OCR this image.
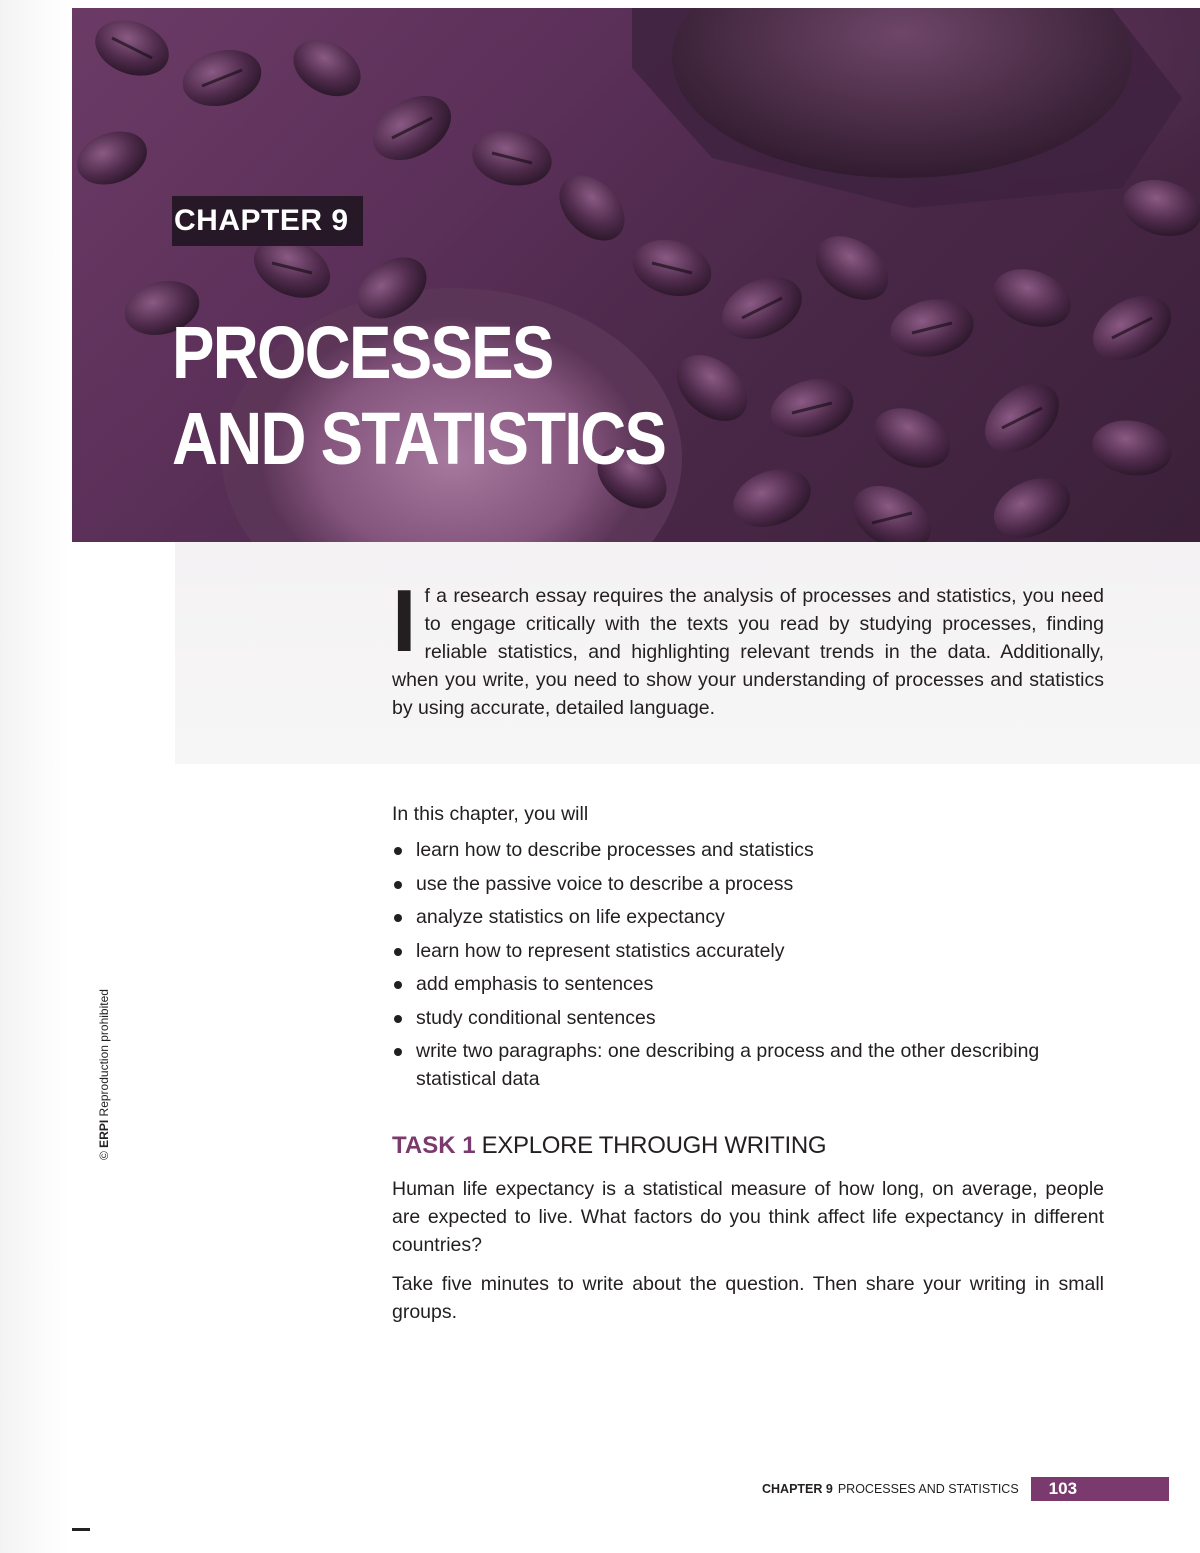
CHAPTER 9
PROCESSES
AND STATISTICS
I f a research essay requires the analysis of processes and statistics, you need to engage critically with the texts you read by studying processes, finding reliable statistics, and highlighting relevant trends in the data. Additionally, when you write, you need to show your understanding of processes and statistics by using accurate, detailed language.
In this chapter, you will
learn how to describe processes and statistics
use the passive voice to describe a process
analyze statistics on life expectancy
learn how to represent statistics accurately
add emphasis to sentences
study conditional sentences
write two paragraphs: one describing a process and the other describing statistical data
TASK 1 EXPLORE THROUGH WRITING
Human life expectancy is a statistical measure of how long, on average, people are expected to live. What factors do you think affect life expectancy in different countries?
Take five minutes to write about the question. Then share your writing in small groups.
© ERPI Reproduction prohibited
CHAPTER 9 PROCESSES AND STATISTICS	103
